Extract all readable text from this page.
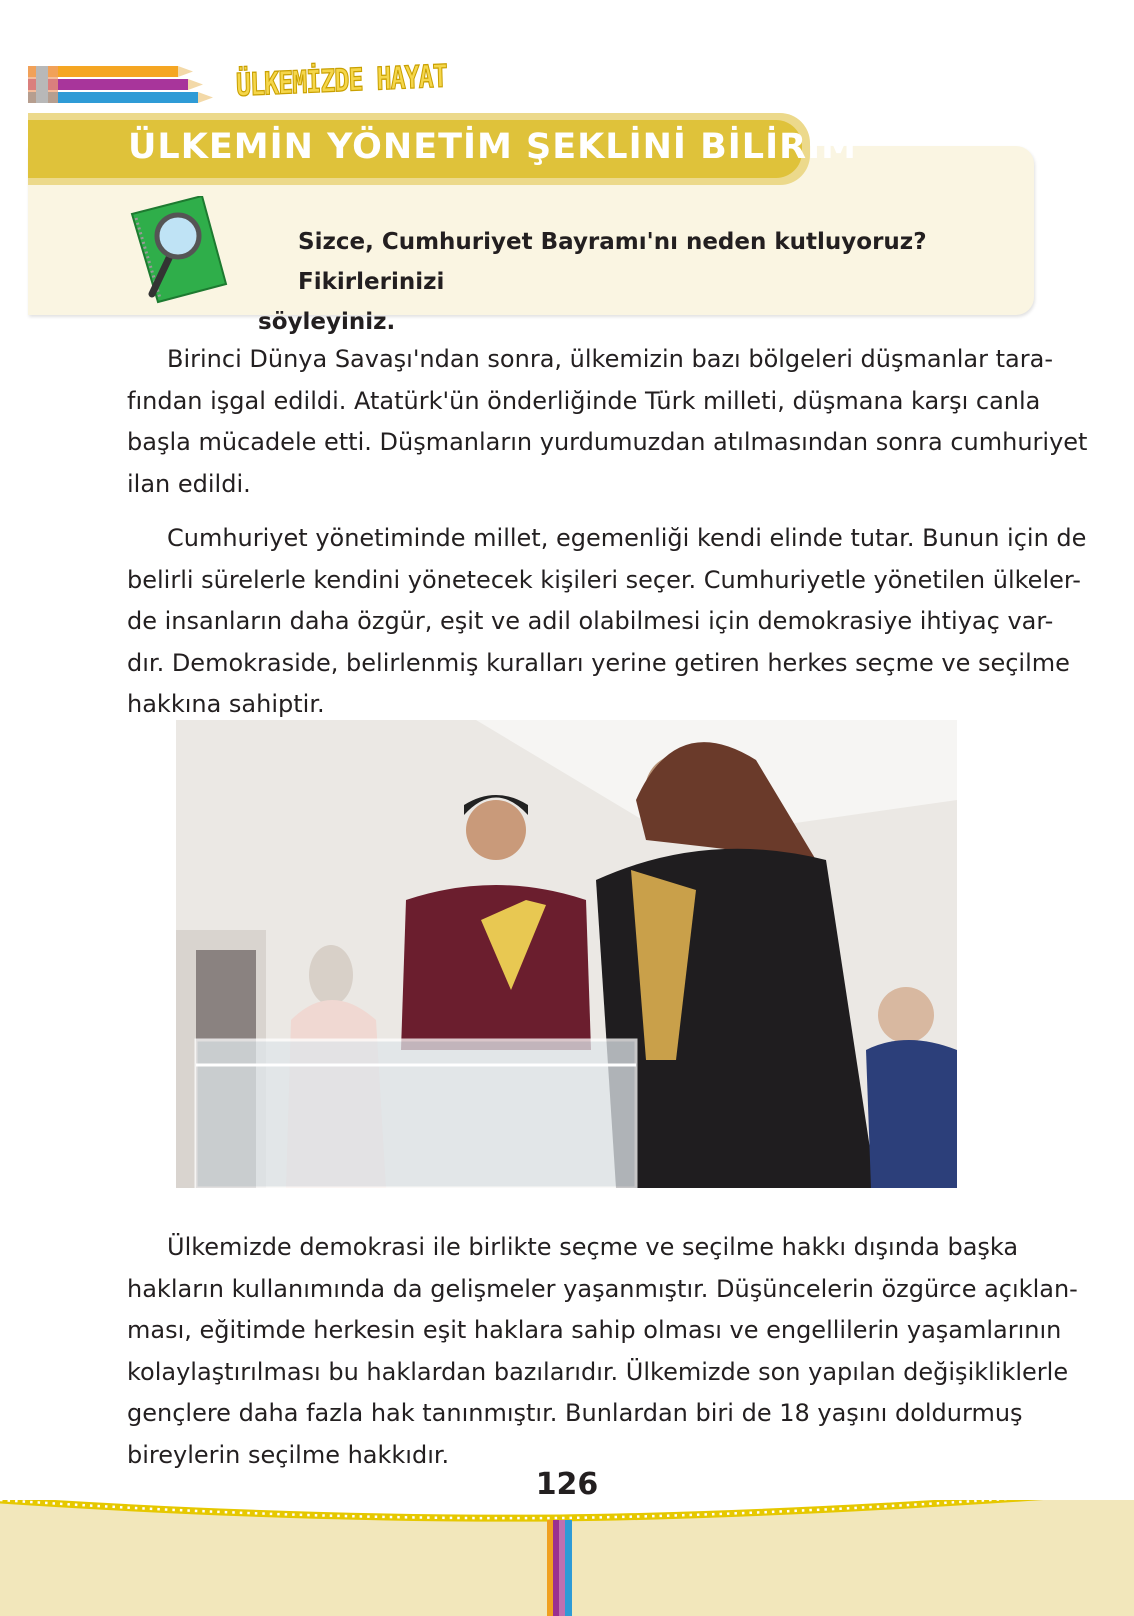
ÜLKEMİZDE HAYAT
ÜLKEMİN YÖNETİM ŞEKLİNİ BİLİRİM
Sizce, Cumhuriyet Bayramı'nı neden kutluyoruz? Fikirlerinizi
söyleyiniz.
Birinci Dünya Savaşı'ndan sonra, ülkemizin bazı bölgeleri düşmanlar tara-
fından işgal edildi. Atatürk'ün önderliğinde Türk milleti, düşmana karşı canla
başla mücadele etti. Düşmanların yurdumuzdan atılmasından sonra cumhuriyet
ilan edildi.
Cumhuriyet yönetiminde millet, egemenliği kendi elinde tutar. Bunun için de
belirli sürelerle kendini yönetecek kişileri seçer. Cumhuriyetle yönetilen ülkeler-
de insanların daha özgür, eşit ve adil olabilmesi için demokrasiye ihtiyaç var-
dır. Demokraside, belirlenmiş kuralları yerine getiren herkes seçme ve seçilme
hakkına sahiptir.
Ülkemizde demokrasi ile birlikte seçme ve seçilme hakkı dışında başka
hakların kullanımında da gelişmeler yaşanmıştır. Düşüncelerin özgürce açıklan-
ması, eğitimde herkesin eşit haklara sahip olması ve engellilerin yaşamlarının
kolaylaştırılması bu haklardan bazılarıdır. Ülkemizde son yapılan değişikliklerle
gençlere daha fazla hak tanınmıştır. Bunlardan biri de 18 yaşını doldurmuş
bireylerin seçilme hakkıdır.
126
